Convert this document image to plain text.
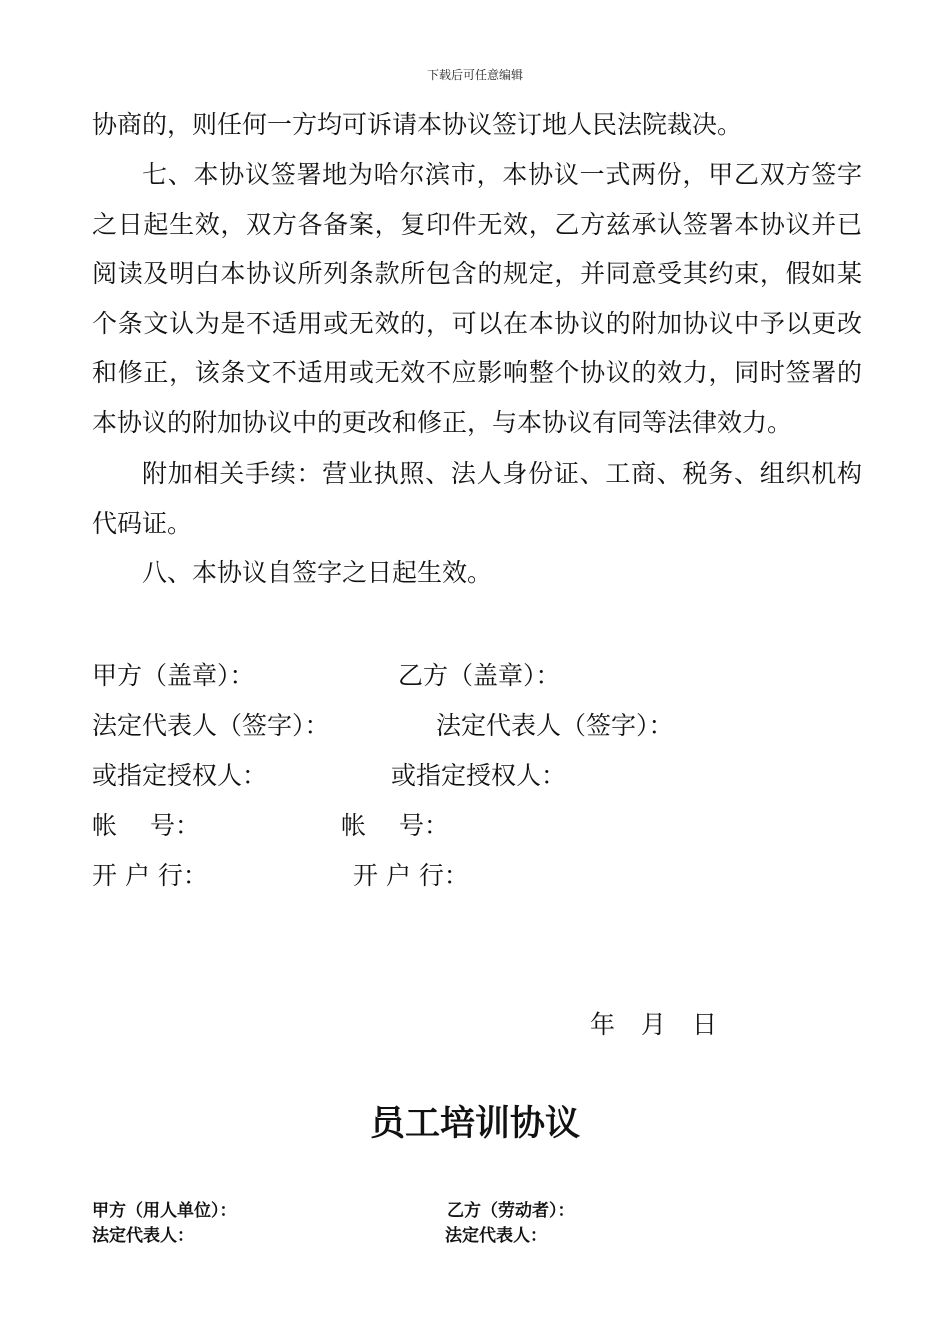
下载后可任意编辑

协商的，则任何一方均可诉请本协议签订地人民法院裁决。

七、本协议签署地为哈尔滨市，本协议一式两份，甲乙双方签字之日起生效，双方各备案，复印件无效，乙方兹承认签署本协议并已阅读及明白本协议所列条款所包含的规定，并同意受其约束，假如某个条文认为是不适用或无效的，可以在本协议的附加协议中予以更改和修正，该条文不适用或无效不应影响整个协议的效力，同时签署的本协议的附加协议中的更改和修正，与本协议有同等法律效力。

附加相关手续：营业执照、法人身份证、工商、税务、组织机构代码证。

八、本协议自签字之日起生效。

甲方（盖章）：	乙方（盖章）：
法定代表人（签字）：	法定代表人（签字）：
或指定授权人：	或指定授权人：
帐　 号：	帐　 号：
开 户 行：	开 户 行：
年 月 日
员工培训协议
甲方（用人单位）：	乙方（劳动者）：
法定代表人：	法定代表人：
